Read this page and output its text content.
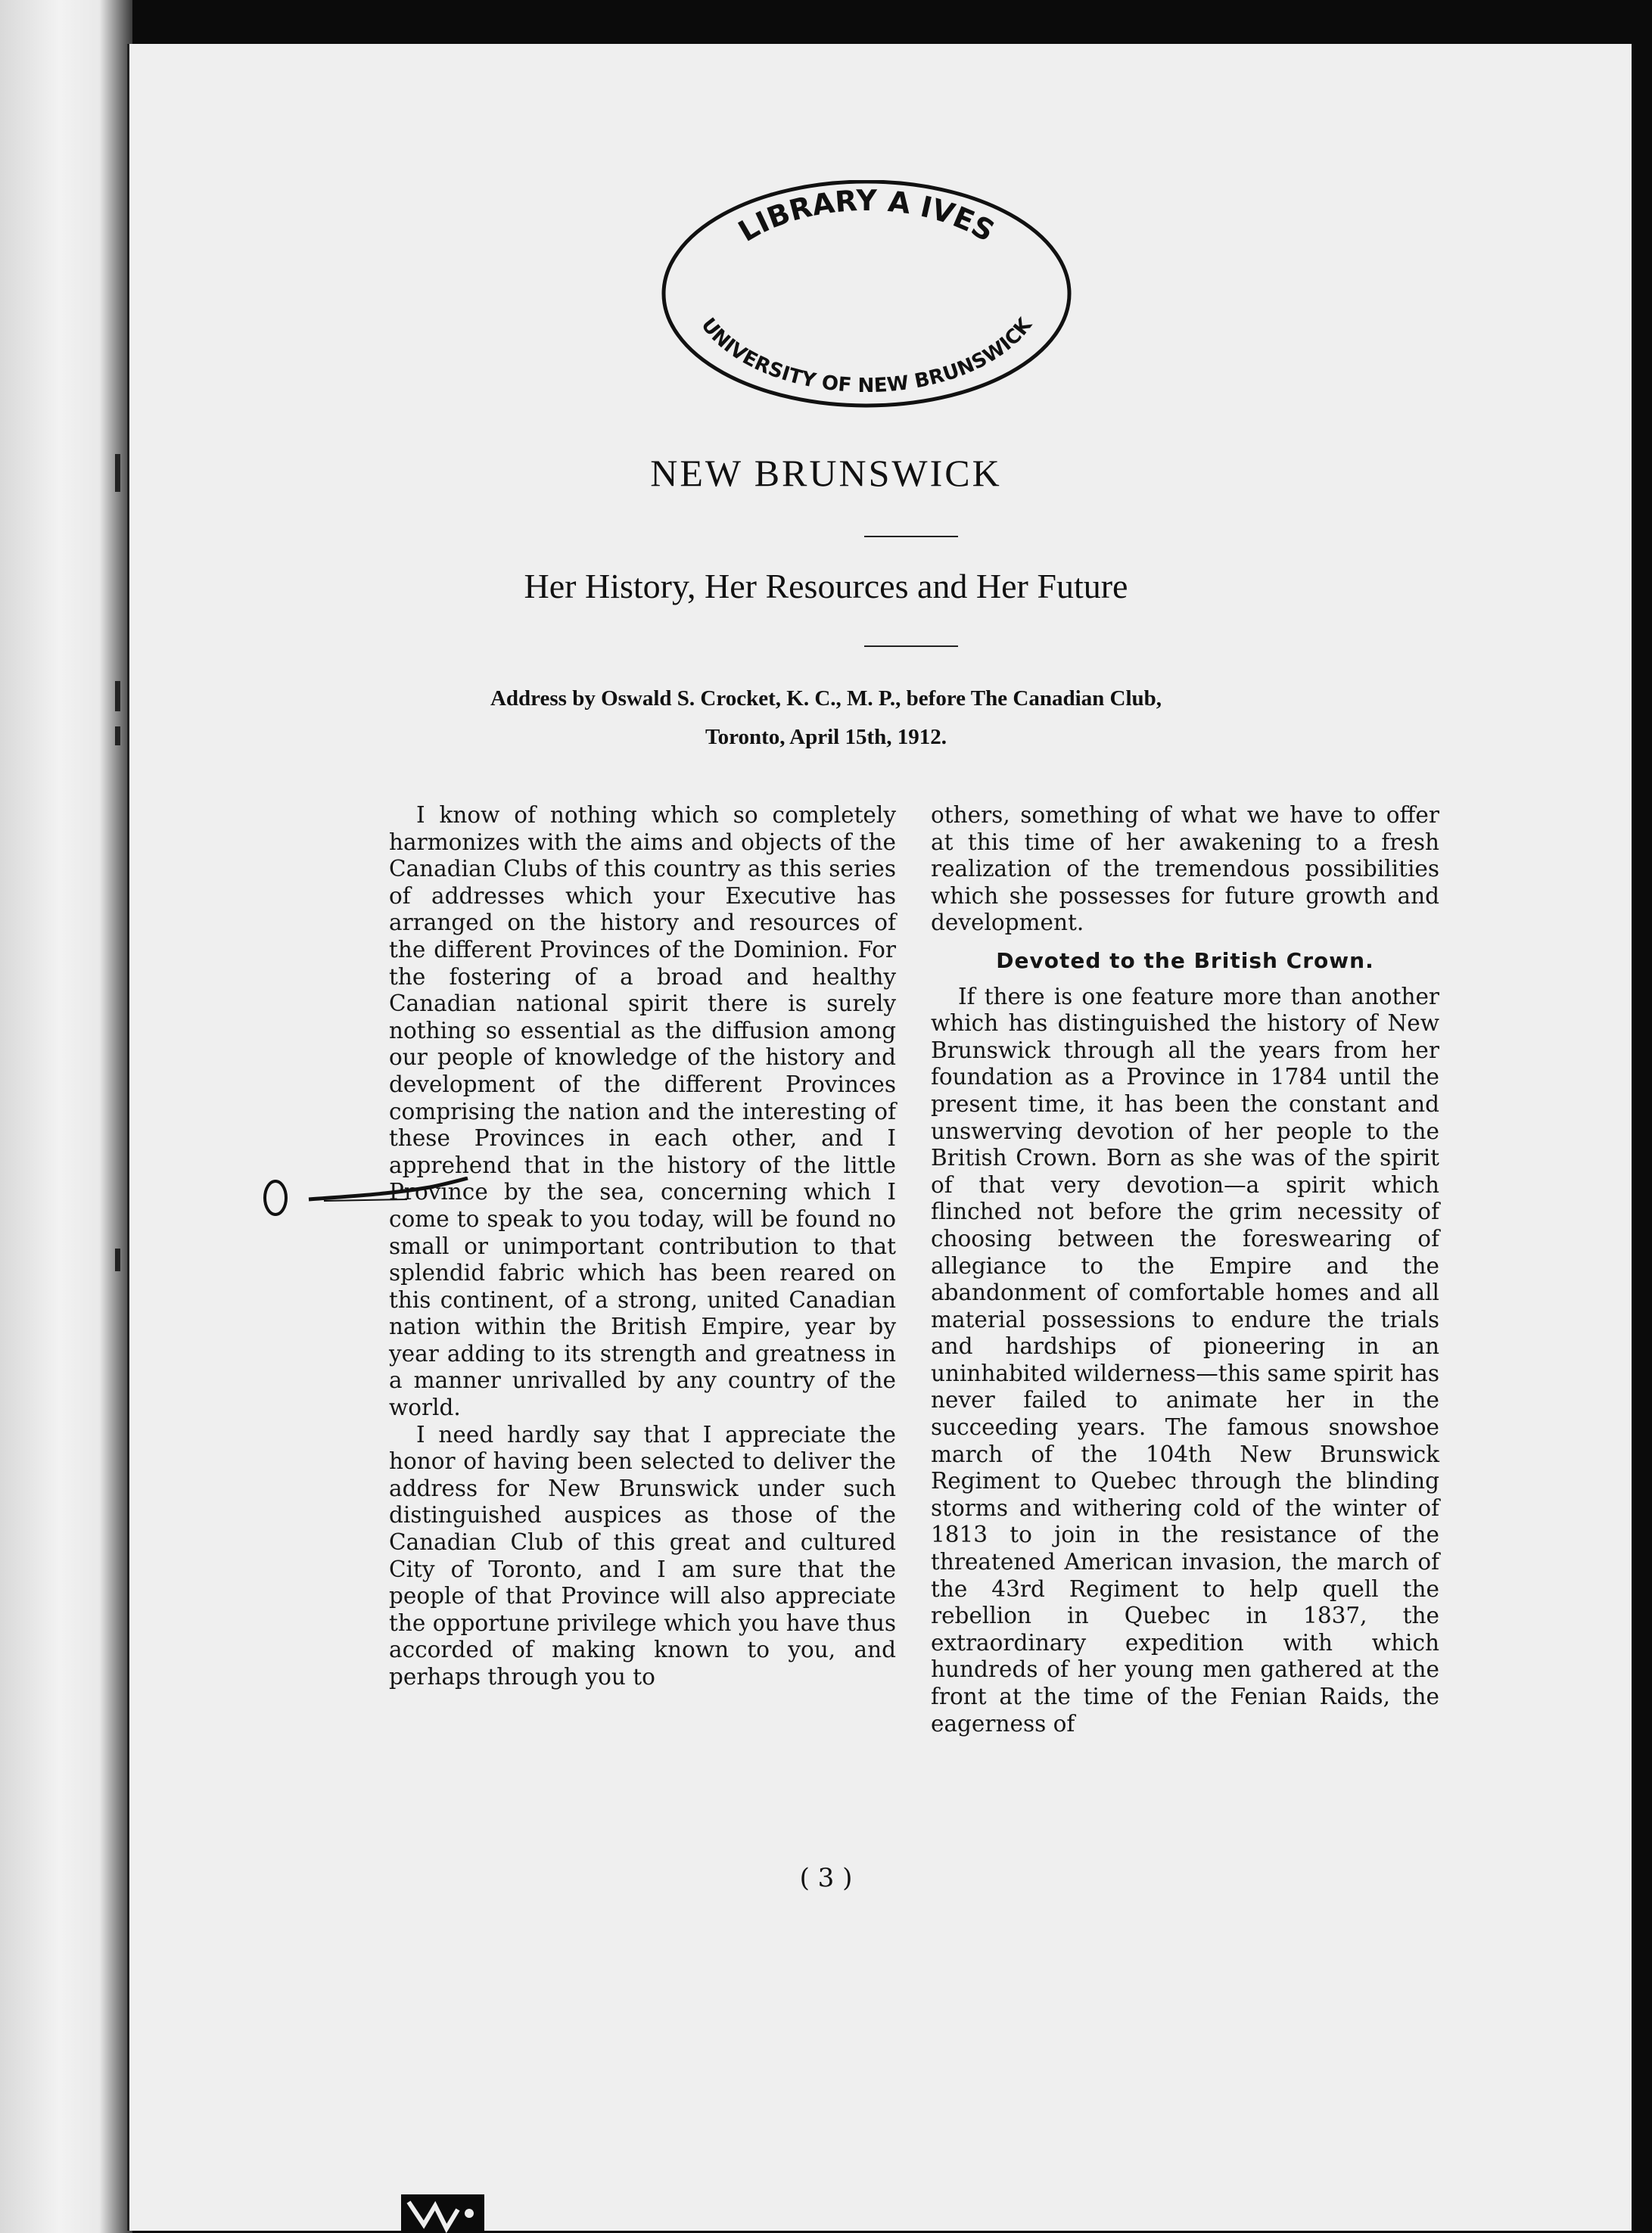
LIBRARY A IVES
UNIVERSITY OF NEW BRUNSWICK
NEW BRUNSWICK
Her History, Her Resources and Her Future
Address by Oswald S. Crocket, K. C., M. P., before The Canadian Club,
Toronto, April 15th, 1912.

I know of nothing which so completely harmonizes with the aims and objects of the Canadian Clubs of this country as this series of addresses which your Executive has arranged on the history and resources of the different Provinces of the Dominion. For the fostering of a broad and healthy Canadian national spirit there is surely nothing so essential as the diffusion among our people of knowledge of the history and development of the different Provinces comprising the nation and the interesting of these Provinces in each other, and I apprehend that in the history of the little Province by the sea, concerning which I come to speak to you today, will be found no small or unimportant contribution to that splendid fabric which has been reared on this continent, of a strong, united Canadian nation within the British Empire, year by year adding to its strength and greatness in a manner unrivalled by any country of the world.

I need hardly say that I appreciate the honor of having been selected to deliver the address for New Brunswick under such distinguished auspices as those of the Canadian Club of this great and cultured City of Toronto, and I am sure that the people of that Province will also appreciate the opportune privilege which you have thus accorded of making known to you, and perhaps through you to

others, something of what we have to offer at this time of her awakening to a fresh realization of the tremendous possibilities which she possesses for future growth and development.

Devoted to the British Crown.

If there is one feature more than another which has distinguished the history of New Brunswick through all the years from her foundation as a Province in 1784 until the present time, it has been the constant and unswerving devotion of her people to the British Crown. Born as she was of the spirit of that very devotion—a spirit which flinched not before the grim necessity of choosing between the foreswearing of allegiance to the Empire and the abandonment of comfortable homes and all material possessions to endure the trials and hardships of pioneering in an uninhabited wilderness—this same spirit has never failed to animate her in the succeeding years. The famous snowshoe march of the 104th New Brunswick Regiment to Quebec through the blinding storms and withering cold of the winter of 1813 to join in the resistance of the threatened American invasion, the march of the 43rd Regiment to help quell the rebellion in Quebec in 1837, the extraordinary expedition with which hundreds of her young men gathered at the front at the time of the Fenian Raids, the eagerness of

( 3 )
